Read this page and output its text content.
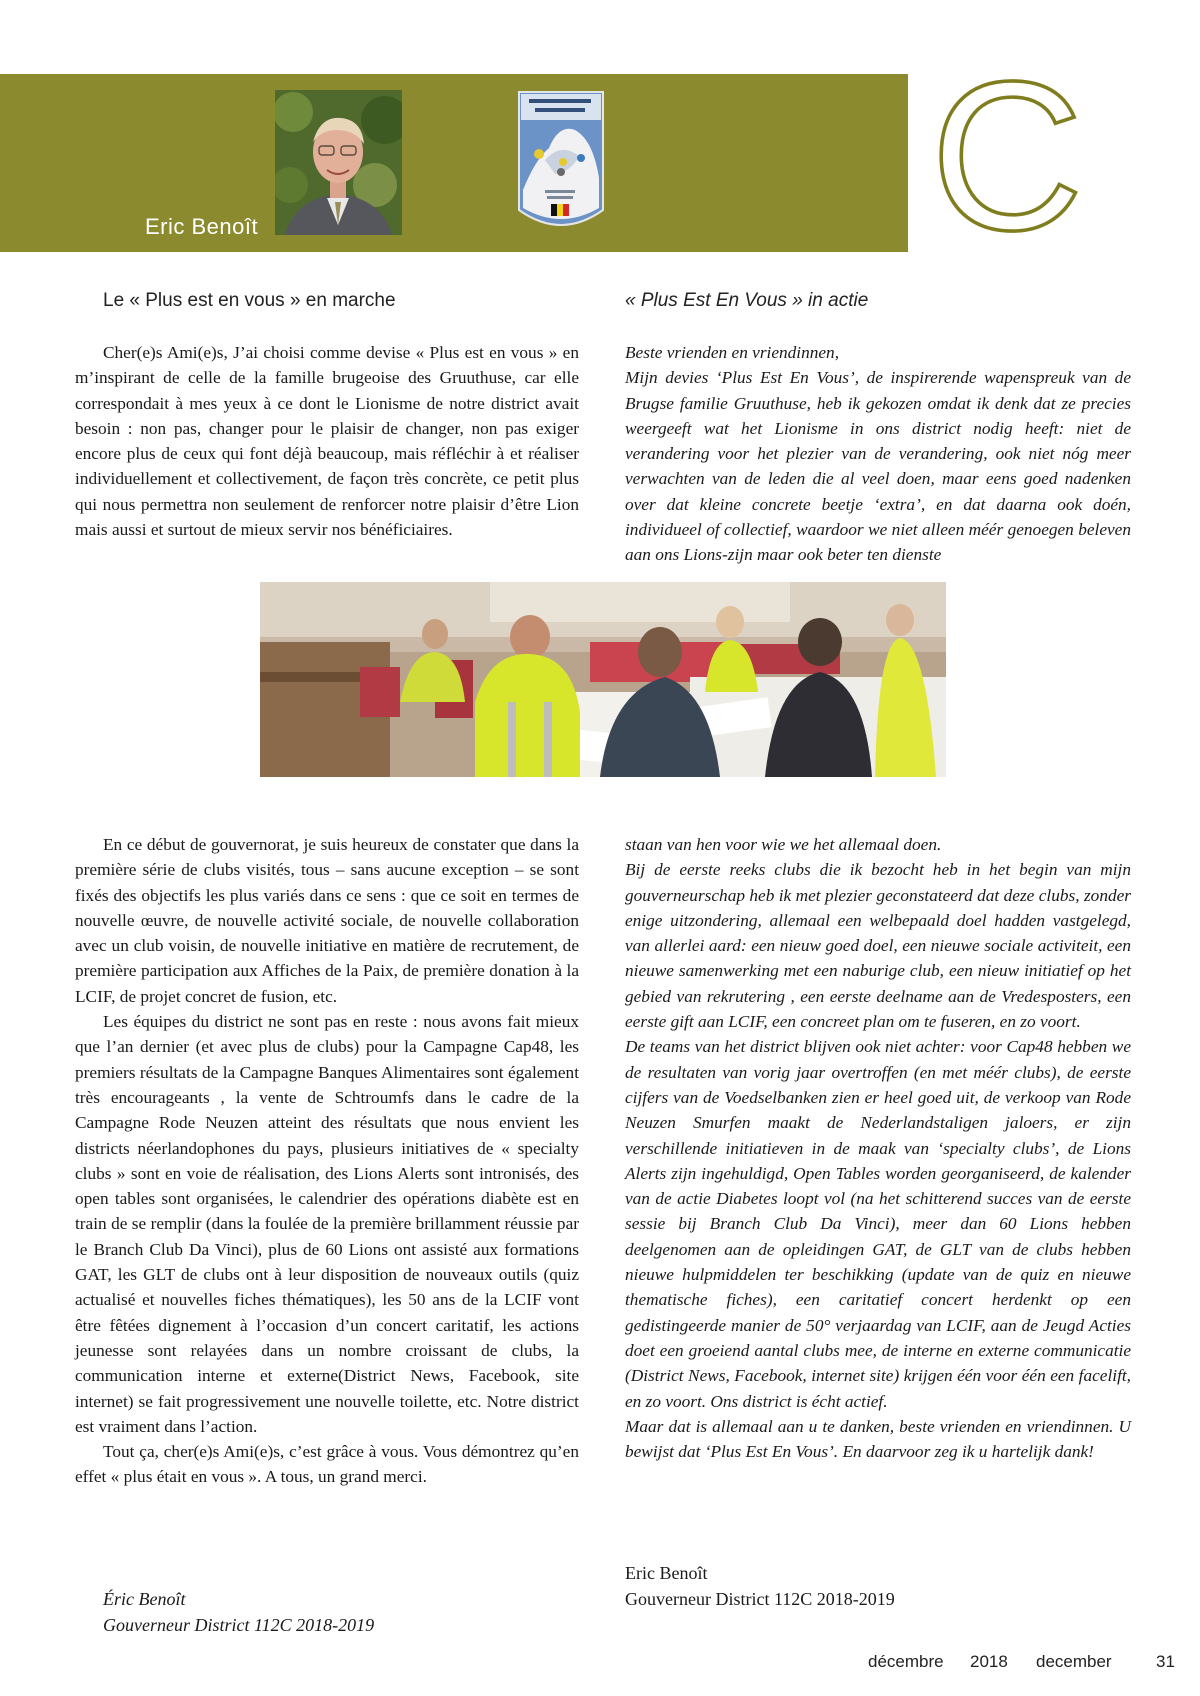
Eric Benoît	C
Le « Plus est en vous » en marche	« Plus Est En Vous » in actie

Cher(e)s Ami(e)s, J’ai choisi comme devise « Plus est en vous » en m’inspirant de celle de la famille brugeoise des Gruuthuse, car elle correspondait à mes yeux à ce dont le Lionisme de notre district avait besoin : non pas, changer pour le plaisir de changer, non pas exiger encore plus de ceux qui font déjà beaucoup, mais réfléchir à et réaliser individuellement et collectivement, de façon très concrète, ce petit plus qui nous permettra non seulement de renforcer notre plaisir d’être Lion mais aussi et surtout de mieux servir nos bénéficiaires.

Beste vrienden en vriendinnen,

Mijn devies ‘Plus Est En Vous’, de inspirerende wapenspreuk van de Brugse familie Gruuthuse, heb ik gekozen omdat ik denk dat ze precies weergeeft wat het Lionisme in ons district nodig heeft: niet de verandering voor het plezier van de verandering, ook niet nóg meer verwachten van de leden die al veel doen, maar eens goed nadenken over dat kleine concrete beetje ‘extra’, en dat daarna ook doén, individueel of collectief, waardoor we niet alleen méér genoegen beleven aan ons Lions-zijn maar ook beter ten dienste

En ce début de gouvernorat, je suis heureux de constater que dans la première série de clubs visités, tous – sans aucune exception – se sont fixés des objectifs les plus variés dans ce sens : que ce soit en termes de nouvelle œuvre, de nouvelle activité sociale, de nouvelle collaboration avec un club voisin, de nouvelle initiative en matière de recrutement, de première participation aux Affiches de la Paix, de première donation à la LCIF, de projet concret de fusion, etc.

Les équipes du district ne sont pas en reste : nous avons fait mieux que l’an dernier (et avec plus de clubs) pour la Campagne Cap48, les premiers résultats de la Campagne Banques Alimentaires sont également très encourageants , la vente de Schtroumfs dans le cadre de la Campagne Rode Neuzen atteint des résultats que nous envient les districts néerlandophones du pays, plusieurs initiatives de « specialty clubs » sont en voie de réalisation, des Lions Alerts sont intronisés, des open tables sont organisées, le calendrier des opérations diabète est en train de se remplir (dans la foulée de la première brillamment réussie par le Branch Club Da Vinci), plus de 60 Lions ont assisté aux formations GAT, les GLT de clubs ont à leur disposition de nouveaux outils (quiz actualisé et nouvelles fiches thématiques), les 50 ans de la LCIF vont être fêtées dignement à l’occasion d’un concert caritatif, les actions jeunesse sont relayées dans un nombre croissant de clubs, la communication interne et externe(District News, Facebook, site internet) se fait progressivement une nouvelle toilette, etc. Notre district est vraiment dans l’action.

Tout ça, cher(e)s Ami(e)s, c’est grâce à vous. Vous démontrez qu’en effet « plus était en vous ». A tous, un grand merci.

staan van hen voor wie we het allemaal doen.

Bij de eerste reeks clubs die ik bezocht heb in het begin van mijn gouverneurschap heb ik met plezier geconstateerd dat deze clubs, zonder enige uitzondering, allemaal een welbepaald doel hadden vastgelegd, van allerlei aard: een nieuw goed doel, een nieuwe sociale activiteit, een nieuwe samenwerking met een naburige club, een nieuw initiatief op het gebied van rekrutering , een eerste deelname aan de Vredesposters, een eerste gift aan LCIF, een concreet plan om te fuseren, en zo voort.

De teams van het district blijven ook niet achter: voor Cap48 hebben we de resultaten van vorig jaar overtroffen (en met méér clubs), de eerste cijfers van de Voedselbanken zien er heel goed uit, de verkoop van Rode Neuzen Smurfen maakt de Nederlandstaligen jaloers, er zijn verschillende initiatieven in de maak van ‘specialty clubs’, de Lions Alerts zijn ingehuldigd, Open Tables worden georganiseerd, de kalender van de actie Diabetes loopt vol (na het schitterend succes van de eerste sessie bij Branch Club Da Vinci), meer dan 60 Lions hebben deelgenomen aan de opleidingen GAT, de GLT van de clubs hebben nieuwe hulpmiddelen ter beschikking (update van de quiz en nieuwe thematische fiches), een caritatief concert herdenkt op een gedistingeerde manier de 50° verjaardag van LCIF, aan de Jeugd Acties doet een groeiend aantal clubs mee, de interne en externe communicatie (District News, Facebook, internet site) krijgen één voor één een facelift, en zo voort. Ons district is écht actief.

Maar dat is allemaal aan u te danken, beste vrienden en vriendinnen. U bewijst dat ‘Plus Est En Vous’. En daarvoor zeg ik u hartelijk dank!

Éric Benoît
Gouverneur District 112C 2018-2019
Eric Benoît
Gouverneur District 112C 2018-2019
décembre 2018 december	31
